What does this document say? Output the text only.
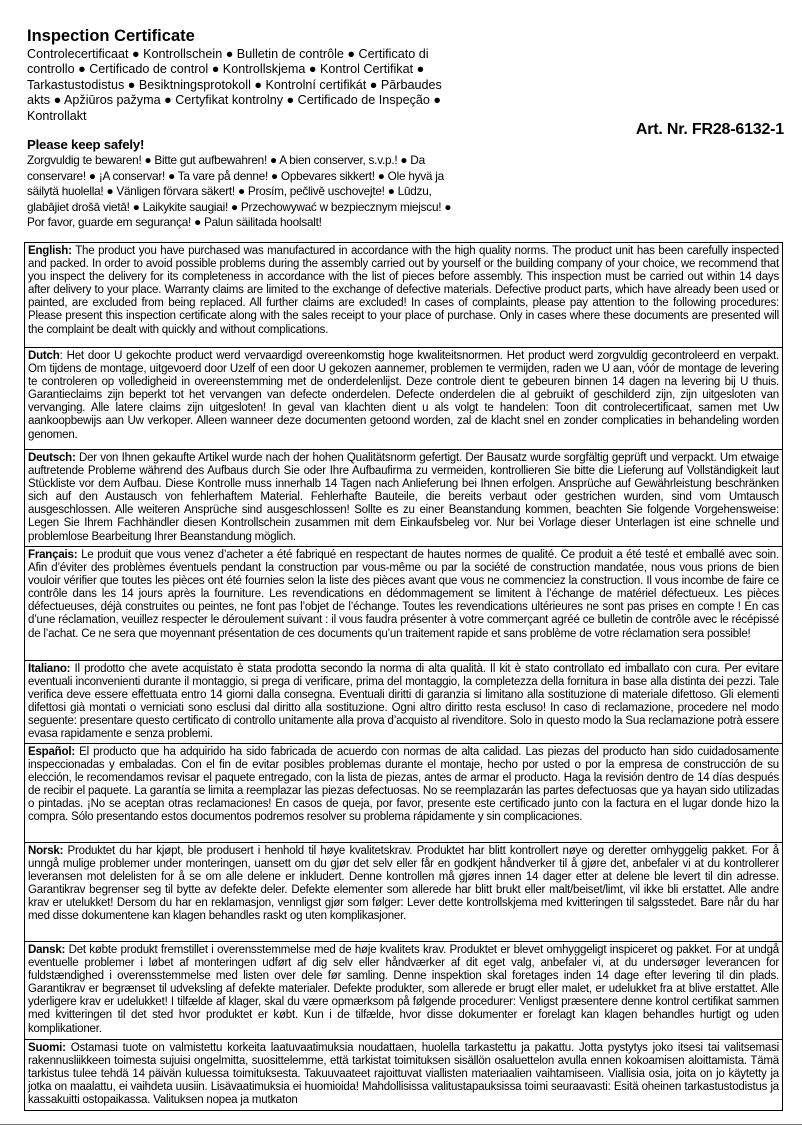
Inspection Certificate
Controlecertificaat ● Kontrollschein ● Bulletin de contrôle ● Certificato di controllo ● Certificado de control ● Kontrollskjema ● Kontrol Certifikat ● Tarkastustodistus ● Besiktningsprotokoll ● Kontrolní certifikát ● Pārbaudes akts ● Apžiūros pažyma ● Certyfikat kontrolny ● Certificado de Inspeção ● Kontrollakt
Art. Nr. FR28-6132-1
Please keep safely!
Zorgvuldig te bewaren! ● Bitte gut aufbewahren! ● A bien conserver, s.v.p.! ● Da conservare! ● ¡A conservar! ● Ta vare på denne! ● Opbevares sikkert! ● Ole hyvä ja säilytä huolella! ● Vänligen förvara säkert! ● Prosím, pečlivě uschovejte! ● Lūdzu, glabājiet drošā vietā! ● Laikykite saugiai! ● Przechowywać w bezpiecznym miejscu! ● Por favor, guarde em segurança! ● Palun säilitada hoolsalt!
English: The product you have purchased was manufactured in accordance with the high quality norms. The product unit has been carefully inspected and packed. In order to avoid possible problems during the assembly carried out by yourself or the building company of your choice, we recommend that you inspect the delivery for its completeness in accordance with the list of pieces before assembly. This inspection must be carried out within 14 days after delivery to your place. Warranty claims are limited to the exchange of defective materials. Defective product parts, which have already been used or painted, are excluded from being replaced. All further claims are excluded! In cases of complaints, please pay attention to the following procedures: Please present this inspection certificate along with the sales receipt to your place of purchase. Only in cases where these documents are presented will the complaint be dealt with quickly and without complications.
Dutch: Het door U gekochte product werd vervaardigd overeenkomstig hoge kwaliteitsnormen. Het product werd zorgvuldig gecontroleerd en verpakt. Om tijdens de montage, uitgevoerd door Uzelf of een door U gekozen aannemer, problemen te vermijden, raden we U aan, vóór de montage de levering te controleren op volledigheid in overeenstemming met de onderdelenlijst. Deze controle dient te gebeuren binnen 14 dagen na levering bij U thuis. Garantieclaims zijn beperkt tot het vervangen van defecte onderdelen. Defecte onderdelen die al gebruikt of geschilderd zijn, zijn uitgesloten van vervanging. Alle latere claims zijn uitgesloten! In geval van klachten dient u als volgt te handelen: Toon dit controlecertificaat, samen met Uw aankoopbewijs aan Uw verkoper. Alleen wanneer deze documenten getoond worden, zal de klacht snel en zonder complicaties in behandeling worden genomen.
Deutsch: Der von Ihnen gekaufte Artikel wurde nach der hohen Qualitätsnorm gefertigt. Der Bausatz wurde sorgfältig geprüft und verpackt. Um etwaige auftretende Probleme während des Aufbaus durch Sie oder Ihre Aufbaufirma zu vermeiden, kontrollieren Sie bitte die Lieferung auf Vollständigkeit laut Stückliste vor dem Aufbau. Diese Kontrolle muss innerhalb 14 Tagen nach Anlieferung bei Ihnen erfolgen. Ansprüche auf Gewährleistung beschränken sich auf den Austausch von fehlerhaftem Material. Fehlerhafte Bauteile, die bereits verbaut oder gestrichen wurden, sind vom Umtausch ausgeschlossen. Alle weiteren Ansprüche sind ausgeschlossen! Sollte es zu einer Beanstandung kommen, beachten Sie folgende Vorgehensweise: Legen Sie Ihrem Fachhändler diesen Kontrollschein zusammen mit dem Einkaufsbeleg vor. Nur bei Vorlage dieser Unterlagen ist eine schnelle und problemlose Bearbeitung Ihrer Beanstandung möglich.
Français: Le produit que vous venez d’acheter a été fabriqué en respectant de hautes normes de qualité. Ce produit a été testé et emballé avec soin. Afin d’éviter des problèmes éventuels pendant la construction par vous-même ou par la société de construction mandatée, nous vous prions de bien vouloir vérifier que toutes les pièces ont été fournies selon la liste des pièces avant que vous ne commenciez la construction. Il vous incombe de faire ce contrôle dans les 14 jours après la fourniture. Les revendications en dédommagement se limitent à l’échange de matériel défectueux. Les pièces défectueuses, déjà construites ou peintes, ne font pas l’objet de l’échange. Toutes les revendications ultérieures ne sont pas prises en compte ! En cas d’une réclamation, veuillez respecter le déroulement suivant : il vous faudra présenter à votre commerçant agréé ce bulletin de contrôle avec le récépissé de l’achat. Ce ne sera que moyennant présentation de ces documents qu’un traitement rapide et sans problème de votre réclamation sera possible!
Italiano: Il prodotto che avete acquistato è stata prodotta secondo la norma di alta qualità. Il kit è stato controllato ed imballato con cura. Per evitare eventuali inconvenienti durante il montaggio, si prega di verificare, prima del montaggio, la completezza della fornitura in base alla distinta dei pezzi. Tale verifica deve essere effettuata entro 14 giorni dalla consegna. Eventuali diritti di garanzia si limitano alla sostituzione di materiale difettoso. Gli elementi difettosi già montati o verniciati sono esclusi dal diritto alla sostituzione. Ogni altro diritto resta escluso! In caso di reclamazione, procedere nel modo seguente: presentare questo certificato di controllo unitamente alla prova d’acquisto al rivenditore. Solo in questo modo la Sua reclamazione potrà essere evasa rapidamente e senza problemi.
Español: El producto que ha adquirido ha sido fabricada de acuerdo con normas de alta calidad. Las piezas del producto han sido cuidadosamente inspeccionadas y embaladas. Con el fin de evitar posibles problemas durante el montaje, hecho por usted o por la empresa de construcción de su elección, le recomendamos revisar el paquete entregado, con la lista de piezas, antes de armar el producto. Haga la revisión dentro de 14 días después de recibir el paquete. La garantía se limita a reemplazar las piezas defectuosas. No se reemplazarán las partes defectuosas que ya hayan sido utilizadas o pintadas. ¡No se aceptan otras reclamaciones! En casos de queja, por favor, presente este certificado junto con la factura en el lugar donde hizo la compra. Sólo presentando estos documentos podremos resolver su problema rápidamente y sin complicaciones.
Norsk: Produktet du har kjøpt, ble produsert i henhold til høye kvalitetskrav. Produktet har blitt kontrollert nøye og deretter omhyggelig pakket. For å unngå mulige problemer under monteringen, uansett om du gjør det selv eller får en godkjent håndverker til å gjøre det, anbefaler vi at du kontrollerer leveransen mot delelisten for å se om alle delene er inkludert. Denne kontrollen må gjøres innen 14 dager etter at delene ble levert til din adresse. Garantikrav begrenser seg til bytte av defekte deler. Defekte elementer som allerede har blitt brukt eller malt/beiset/limt, vil ikke bli erstattet. Alle andre krav er utelukket! Dersom du har en reklamasjon, vennligst gjør som følger: Lever dette kontrollskjema med kvitteringen til salgsstedet. Bare når du har med disse dokumentene kan klagen behandles raskt og uten komplikasjoner.
Dansk: Det købte produkt fremstillet i overensstemmelse med de høje kvalitets krav. Produktet er blevet omhyggeligt inspiceret og pakket. For at undgå eventuelle problemer i løbet af monteringen udført af dig selv eller håndværker af dit eget valg, anbefaler vi, at du undersøger leverancen for fuldstændighed i overensstemmelse med listen over dele før samling. Denne inspektion skal foretages inden 14 dage efter levering til din plads. Garantikrav er begrænset til udveksling af defekte materialer. Defekte produkter, som allerede er brugt eller malet, er udelukket fra at blive erstattet. Alle yderligere krav er udelukket! I tilfælde af klager, skal du være opmærksom på følgende procedurer: Venligst præsentere denne kontrol certifikat sammen med kvitteringen til det sted hvor produktet er købt. Kun i de tilfælde, hvor disse dokumenter er forelagt kan klagen behandles hurtigt og uden komplikationer.
Suomi: Ostamasi tuote on valmistettu korkeita laatuvaatimuksia noudattaen, huolella tarkastettu ja pakattu. Jotta pystytys joko itsesi tai valitsemasi rakennusliikkeen toimesta sujuisi ongelmitta, suosittelemme, että tarkistat toimituksen sisällön osaluettelon avulla ennen kokoamisen aloittamista. Tämä tarkistus tulee tehdä 14 päivän kuluessa toimituksesta. Takuuvaateet rajoittuvat viallisten materiaalien vaihtamiseen. Viallisia osia, joita on jo käytetty ja jotka on maalattu, ei vaihdeta uusiin. Lisävaatimuksia ei huomioida! Mahdollisissa valitustapauksissa toimi seuraavasti: Esitä oheinen tarkastustodistus ja kassakuitti ostopaikassa. Valituksen nopea ja mutkaton
